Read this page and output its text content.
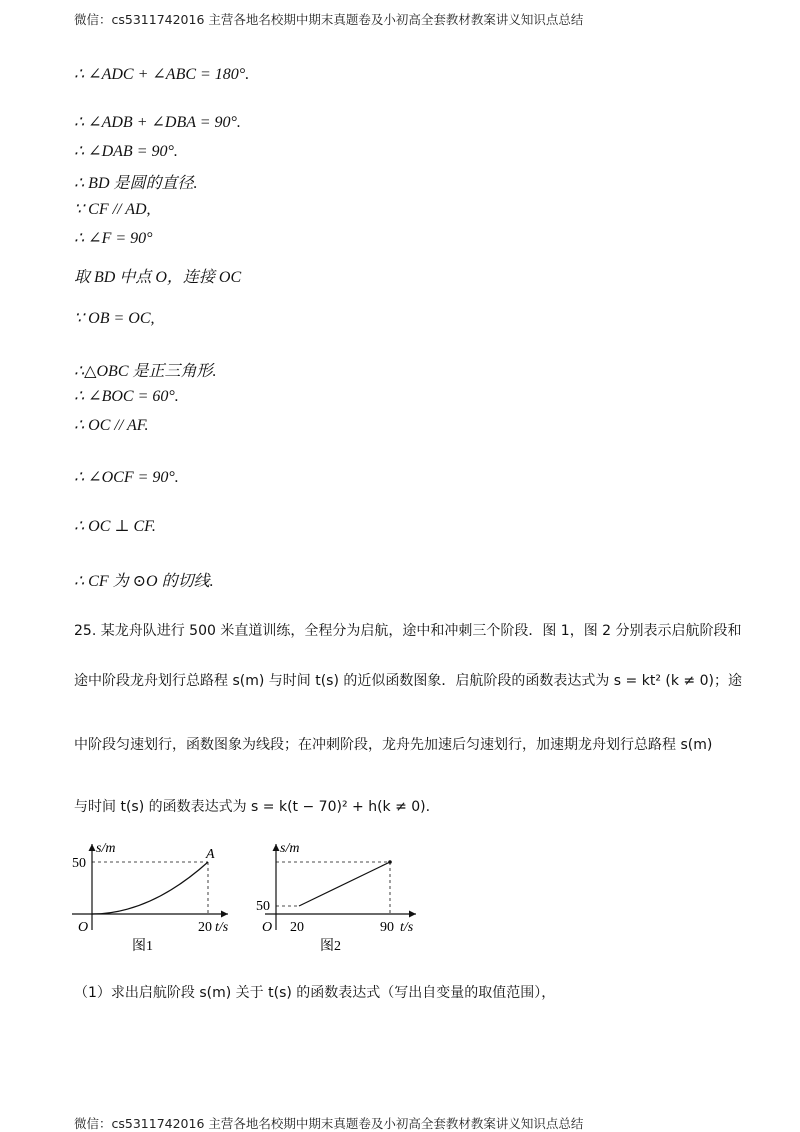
微信：cs5311742016 主营各地名校期中期末真题卷及小初高全套教材教案讲义知识点总结
∴ ∠ADC + ∠ABC = 180°.
∴ ∠ADB + ∠DBA = 90°.
∴ ∠DAB = 90°.
∴ BD 是圆的直径.
∵ CF // AD,
∴ ∠F = 90°
取 BD 中点 O，连接 OC
∵ OB = OC,
∴△OBC 是正三角形.
∴ ∠BOC = 60°.
∴ OC // AF.
∴ ∠OCF = 90°.
∴ OC ⊥ CF.
∴ CF 为 ⊙O 的切线.
25. 某龙舟队进行 500 米直道训练，全程分为启航，途中和冲刺三个阶段．图 1，图 2 分别表示启航阶段和
途中阶段龙舟划行总路程 s(m) 与时间 t(s) 的近似函数图象．启航阶段的函数表达式为 s = kt² (k ≠ 0)；途
中阶段匀速划行，函数图象为线段；在冲刺阶段，龙舟先加速后匀速划行，加速期龙舟划行总路程 s(m)
与时间 t(s) 的函数表达式为 s = k(t − 70)² + h(k ≠ 0).
s/m
50
A
O	20 t/s
图1
s/m
50
O 20	90 t/s
图2
（1）求出启航阶段 s(m) 关于 t(s) 的函数表达式（写出自变量的取值范围），
微信：cs5311742016 主营各地名校期中期末真题卷及小初高全套教材教案讲义知识点总结
